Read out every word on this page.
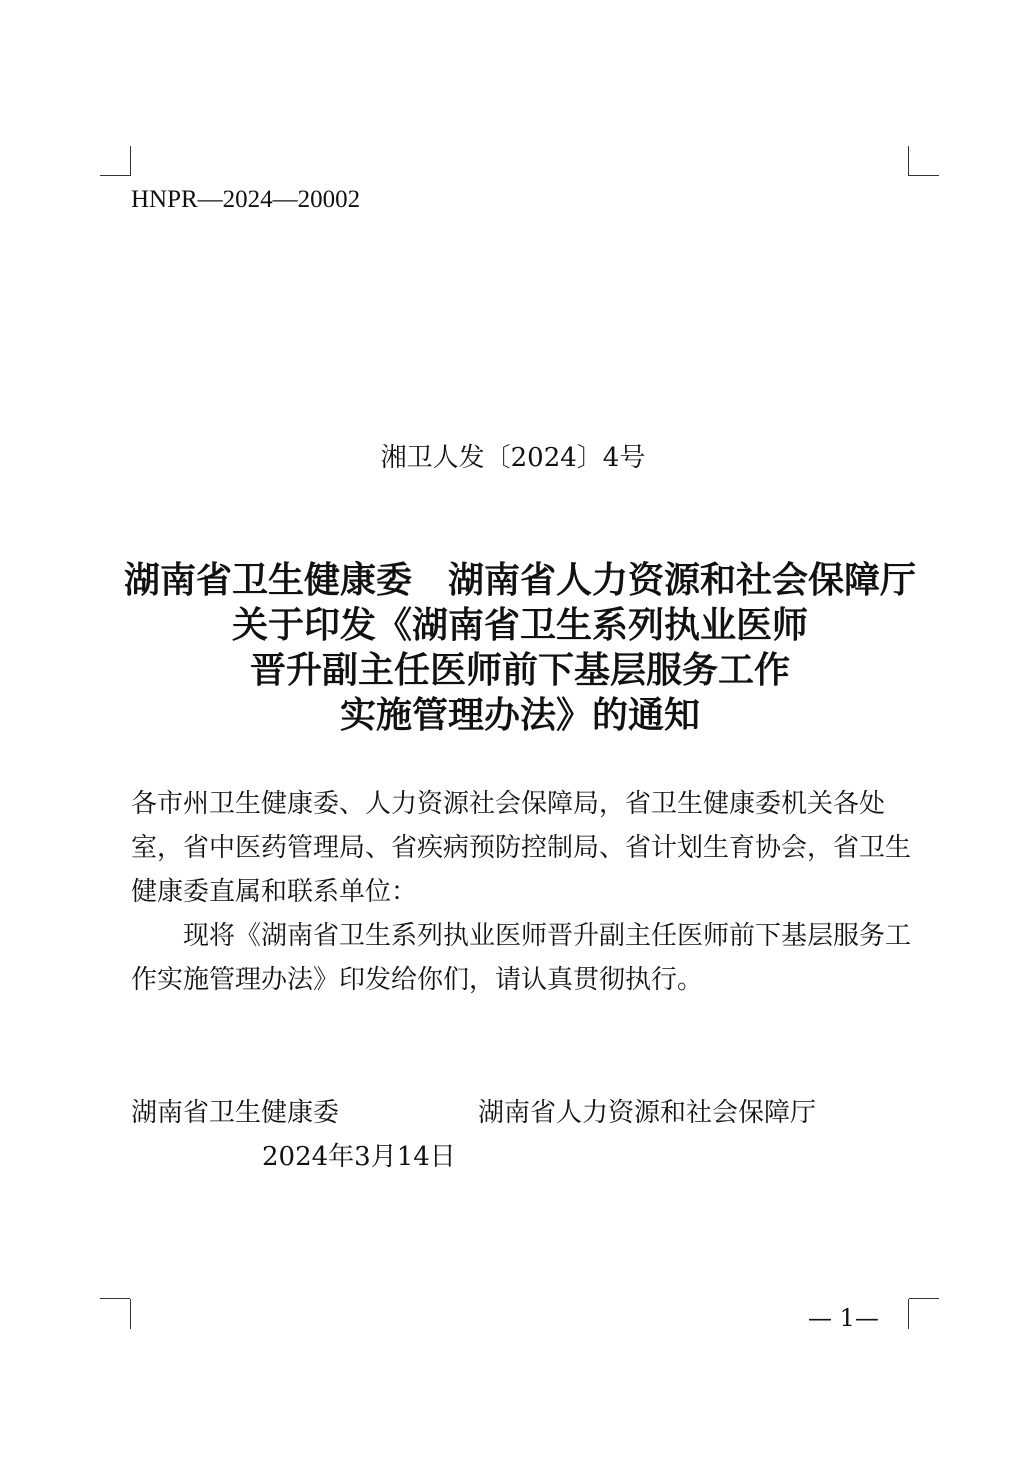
HNPR—2024—20002
湘卫人发〔2024〕4号
湖南省卫生健康委　湖南省人力资源和社会保障厅
关于印发《湖南省卫生系列执业医师
晋升副主任医师前下基层服务工作
实施管理办法》的通知
各市州卫生健康委、人力资源社会保障局，省卫生健康委机关各处室，省中医药管理局、省疾病预防控制局、省计划生育协会，省卫生健康委直属和联系单位：
现将《湖南省卫生系列执业医师晋升副主任医师前下基层服务工作实施管理办法》印发给你们，请认真贯彻执行。
湖南省卫生健康委	湖南省人力资源和社会保障厅
2024年3月14日
— 1—
